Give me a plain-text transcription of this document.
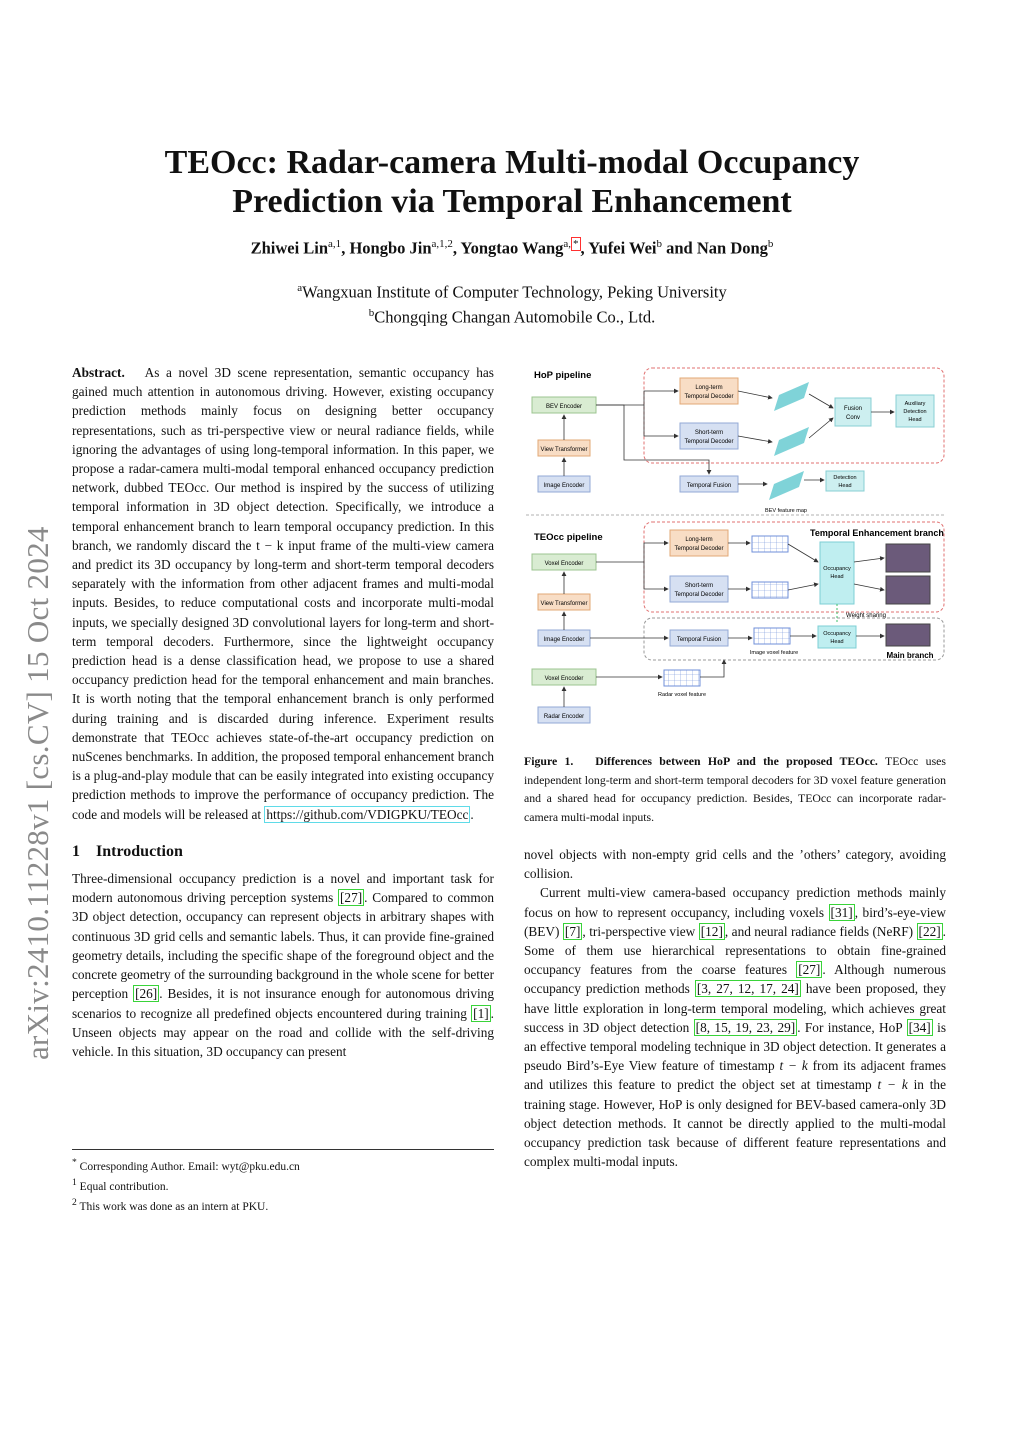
arXiv:2410.11228v1 [cs.CV] 15 Oct 2024
TEOcc: Radar-camera Multi-modal Occupancy
Prediction via Temporal Enhancement
Zhiwei Lin$^{a,1}$, Hongbo Jin$^{a,1,2}$, Yongtao Wang$^{a,}$ * , Yufei Wei$^b$ and Nan Dong$^b$
$^a$Wangxuan Institute of Computer Technology, Peking University
$^b$Chongqing Changan Automobile Co., Ltd.

Abstract. As a novel 3D scene representation, semantic occupancy has gained much attention in autonomous driving. However, existing occupancy prediction methods mainly focus on designing better occupancy representations, such as tri-perspective view or neural radiance fields, while ignoring the advantages of using long-temporal information. In this paper, we propose a radar-camera multi-modal temporal enhanced occupancy prediction network, dubbed TEOcc. Our method is inspired by the success of utilizing temporal information in 3D object detection. Specifically, we introduce a temporal enhancement branch to learn temporal occupancy prediction. In this branch, we randomly discard the t − k input frame of the multi-view camera and predict its 3D occupancy by long-term and short-term temporal decoders separately with the information from other adjacent frames and multi-modal inputs. Besides, to reduce computational costs and incorporate multi-modal inputs, we specially designed 3D convolutional layers for long-term and short-term temporal decoders. Furthermore, since the lightweight occupancy prediction head is a dense classification head, we propose to use a shared occupancy prediction head for the temporal enhancement and main branches. It is worth noting that the temporal enhancement branch is only performed during training and is discarded during inference. Experiment results demonstrate that TEOcc achieves state-of-the-art occupancy prediction on nuScenes benchmarks. In addition, the proposed temporal enhancement branch is a plug-and-play module that can be easily integrated into existing occupancy prediction methods to improve the performance of occupancy prediction. The code and models will be released at https://github.com/VDIGPKU/TEOcc .

1    Introduction

Three-dimensional occupancy prediction is a novel and important task for modern autonomous driving perception systems [27] . Compared to common 3D object detection, occupancy can represent objects in arbitrary shapes with continuous 3D grid cells and semantic labels. Thus, it can provide fine-grained geometry details, including the specific shape of the foreground object and the concrete geometry of the surrounding background in the whole scene for better perception [26] . Besides, it is not insurance enough for autonomous driving scenarios to recognize all predefined objects encountered during training [1] . Unseen objects may appear on the road and collide with the self-driving vehicle. In this situation, 3D occupancy can present

* Corresponding Author. Email: wyt@pku.edu.cn
$^1$ Equal contribution.
$^2$ This work was done as an intern at PKU.
HoP pipeline
BEV Encoder
View Transformer
Image Encoder
Long-term
Temporal Decoder
Short-term
Temporal Decoder
Fusion
Conv
Auxiliary
Detection
Head
Temporal Fusion
BEV feature map
Detection
Head
TEOcc pipeline	Temporal Enhancement branch
Voxel Encoder
View Transformer
Image Encoder
Long-term
Temporal Decoder
Short-term
Temporal Decoder
Occupancy
Head
Weight sharing
Temporal Fusion
Image voxel feature
Occupancy
Head
Main branch
Voxel Encoder
Radar Encoder
Radar voxel feature

Figure 1. Differences between HoP and the proposed TEOcc. TEOcc uses independent long-term and short-term temporal decoders for 3D voxel feature generation and a shared head for occupancy prediction. Besides, TEOcc can incorporate radar-camera multi-modal inputs.

novel objects with non-empty grid cells and the ’others’ category, avoiding collision.

Current multi-view camera-based occupancy prediction methods mainly focus on how to represent occupancy, including voxels [31] , bird’s-eye-view (BEV) [7] , tri-perspective view [12] , and neural radiance fields (NeRF) [22] . Some of them use hierarchical representations to obtain fine-grained occupancy features from the coarse features [27] . Although numerous occupancy prediction methods [3, 27, 12, 17, 24] have been proposed, they have little exploration in long-term temporal modeling, which achieves great success in 3D object detection [8, 15, 19, 23, 29] . For instance, HoP [34] is an effective temporal modeling technique in 3D object detection. It generates a pseudo Bird’s-Eye View feature of timestamp t − k from its adjacent frames and utilizes this feature to predict the object set at timestamp t − k in the training stage. However, HoP is only designed for BEV-based camera-only 3D object detection methods. It cannot be directly applied to the multi-modal occupancy prediction task because of different feature representations and complex multi-modal inputs.
